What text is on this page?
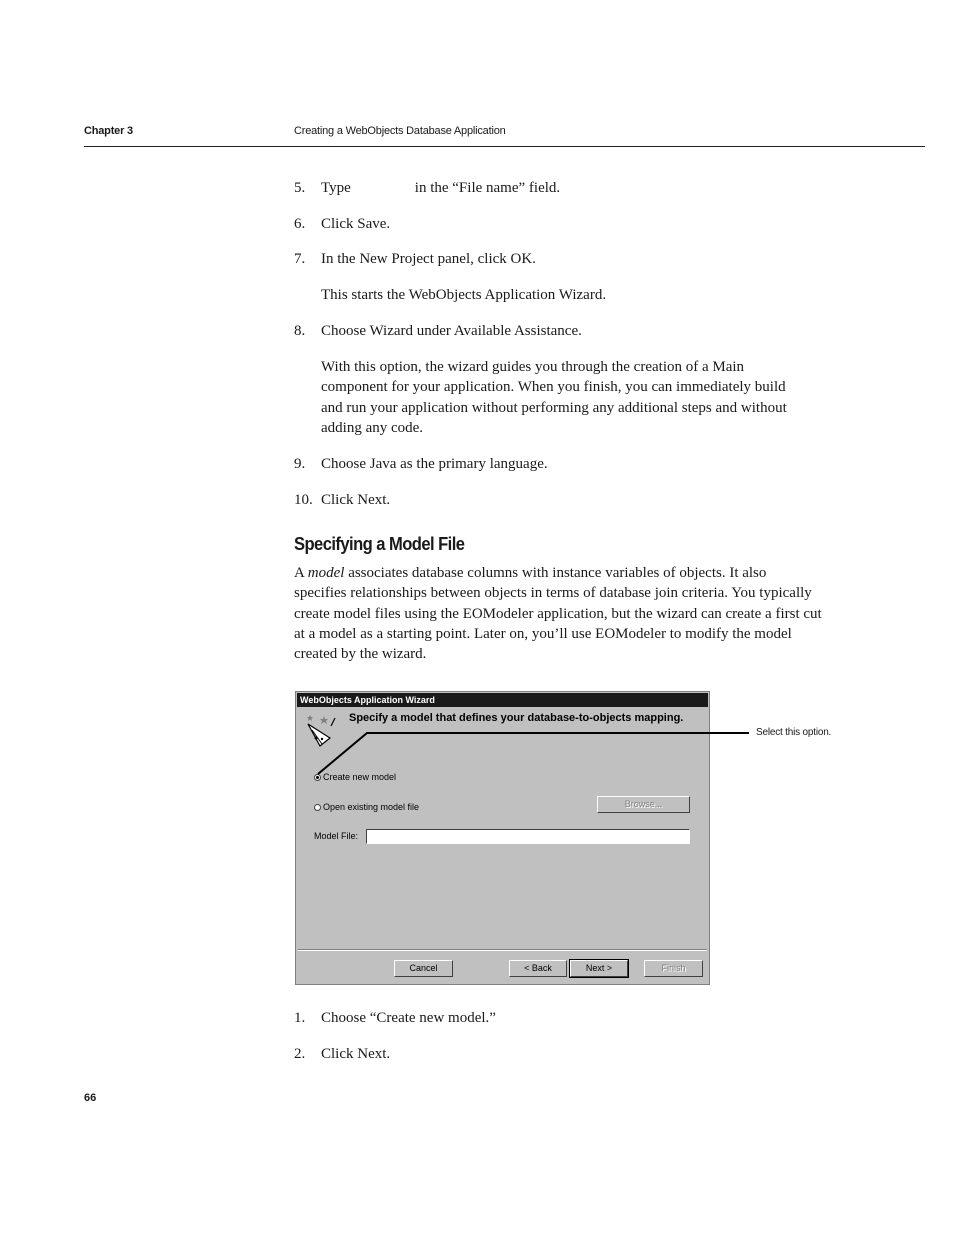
Chapter 3	Creating a WebObjects Database Application
5. Type	in the “File name” field.
6. Click Save.
7. In the New Project panel, click OK.
This starts the WebObjects Application Wizard.
8. Choose Wizard under Available Assistance.
With this option, the wizard guides you through the creation of a Main component for your application. When you finish, you can immediately build and run your application without performing any additional steps and without adding any code.
9. Choose Java as the primary language.
10. Click Next.
Specifying a Model File
A model associates database columns with instance variables of objects. It also specifies relationships between objects in terms of database join criteria. You typically create model files using the EOModeler application, but the wizard can create a first cut at a model as a starting point. Later on, you’ll use EOModeler to modify the model created by the wizard.
WebObjects Application Wizard
Specify a model that defines your database-to-objects mapping.
Create new model
Open existing model file	Browse...
Model File:
Cancel	< Back	Next >	Finish
Select this option.
1. Choose “Create new model.”
2. Click Next.
66
